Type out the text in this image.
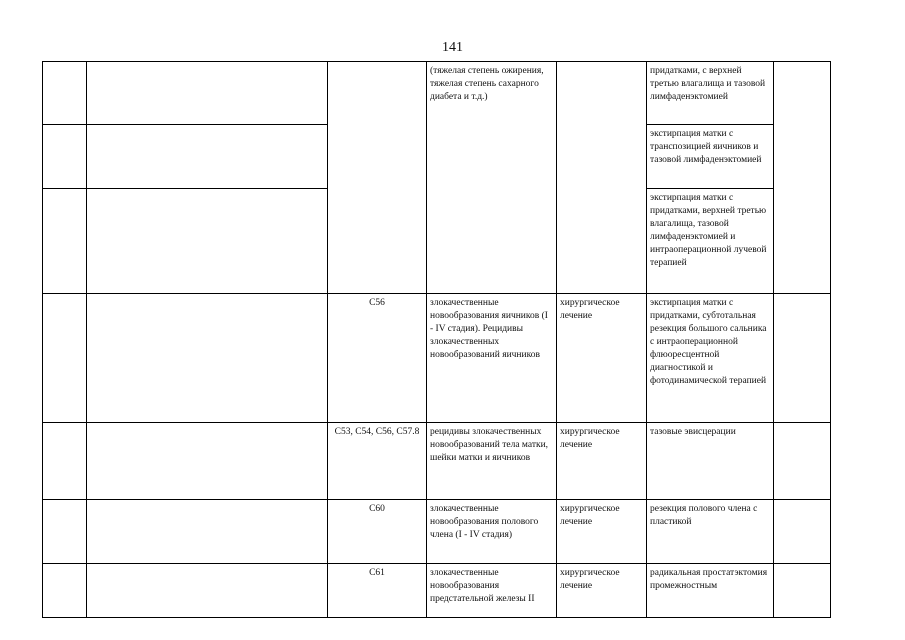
141
			(тяжелая степень ожирения, тяжелая степень сахарного диабета и т.д.)		придатками, с верхней третью влагалища и тазовой лимфаденэктомией	
					экстирпация матки с транспозицией яичников и тазовой лимфаденэктомией	
					экстирпация матки с придатками, верхней третью влагалища, тазовой лимфаденэктомией и интраоперационной лучевой терапией	
		C56	злокачественные новообразования яичников (I - IV стадия). Рецидивы злокачественных новообразований яичников	хирургическое лечение	экстирпация матки с придатками, субтотальная резекция большого сальника с интраоперационной флюоресцентной диагностикой и фотодинамической терапией	
		C53, C54, C56, C57.8	рецидивы злокачественных новообразований тела матки, шейки матки и яичников	хирургическое лечение	тазовые эвисцерации	
		C60	злокачественные новообразования полового члена (I - IV стадия)	хирургическое лечение	резекция полового члена с пластикой	
		C61	злокачественные новообразования предстательной железы II	хирургическое лечение	радикальная простатэктомия промежностным	
